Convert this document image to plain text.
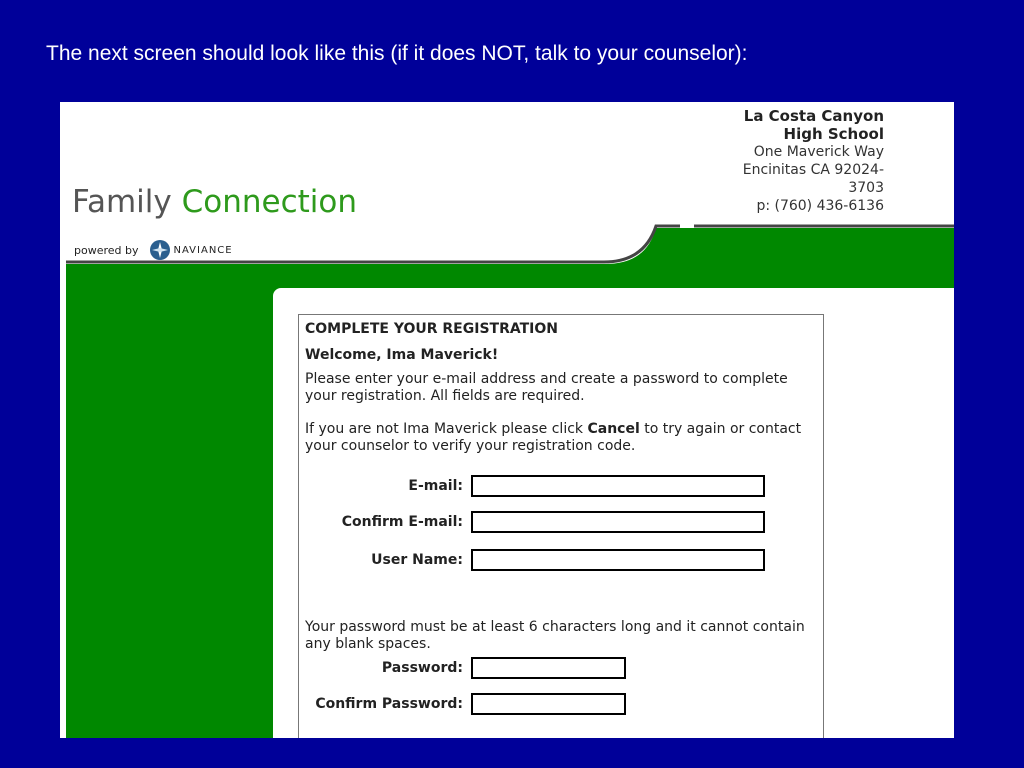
The next screen should look like this (if it does NOT, talk to your counselor):
Family Connection
powered by	NAVIANCE
La Costa Canyon
High School
One Maverick Way
Encinitas CA 92024-
3703
p: (760) 436-6136
COMPLETE YOUR REGISTRATION
Welcome, Ima Maverick!
Please enter your e-mail address and create a password to complete your registration. All fields are required.
If you are not Ima Maverick please click Cancel to try again or contact your counselor to verify your registration code.
E-mail:
Confirm E-mail:
User Name:
Your password must be at least 6 characters long and it cannot contain any blank spaces.
Password:
Confirm Password:
